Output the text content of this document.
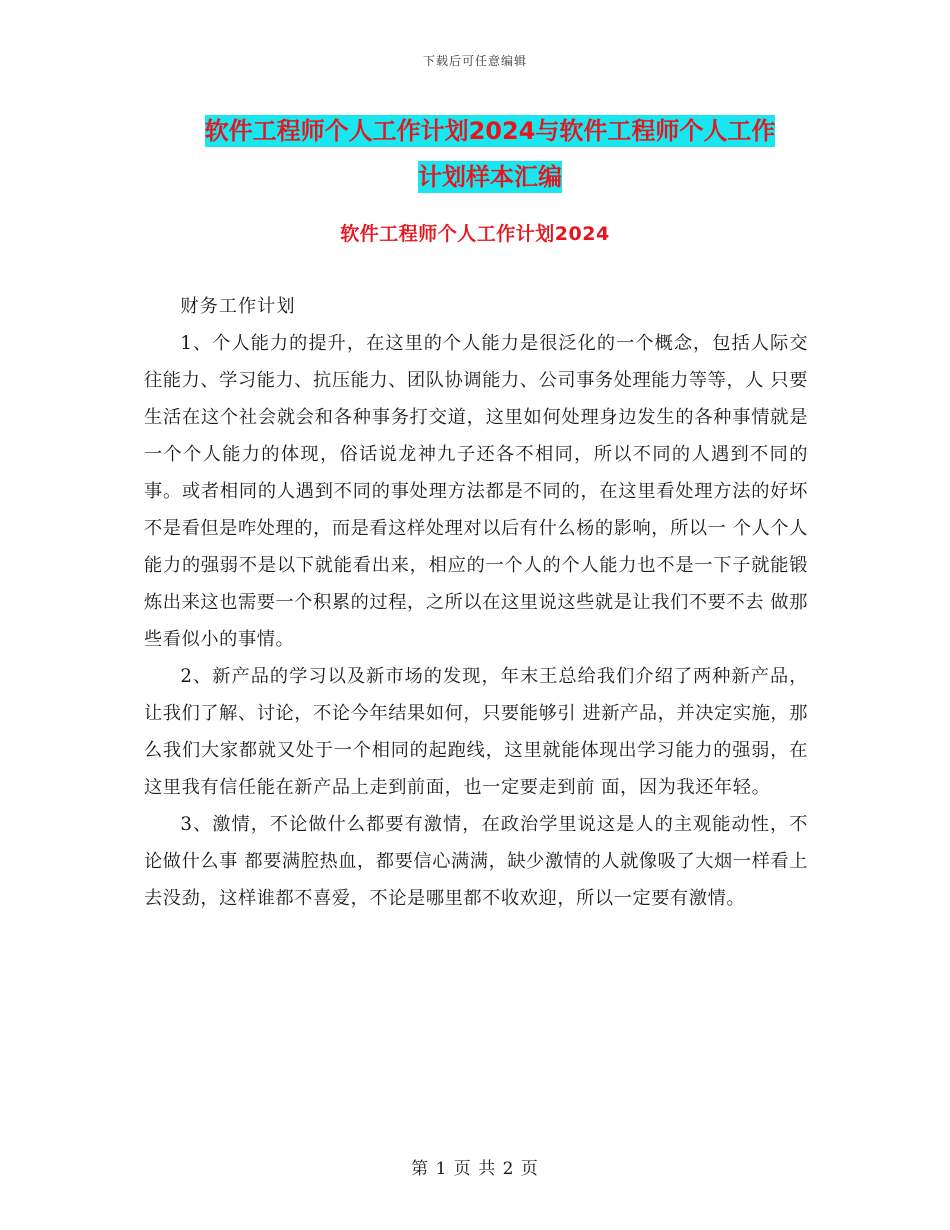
下载后可任意编辑
软件工程师个人工作计划2024与软件工程师个人工作
计划样本汇编
软件工程师个人工作计划2024

财务工作计划

1、个人能力的提升，在这里的个人能力是很泛化的一个概念，包括人际交往能力、学习能力、抗压能力、团队协调能力、公司事务处理能力等等，人 只要生活在这个社会就会和各种事务打交道，这里如何处理身边发生的各种事情就是一个个人能力的体现，俗话说龙神九子还各不相同，所以不同的人遇到不同的 事。或者相同的人遇到不同的事处理方法都是不同的，在这里看处理方法的好坏不是看但是咋处理的，而是看这样处理对以后有什么杨的影响，所以一 个人个人能力的强弱不是以下就能看出来，相应的一个人的个人能力也不是一下子就能锻炼出来这也需要一个积累的过程，之所以在这里说这些就是让我们不要不去 做那些看似小的事情。

2、新产品的学习以及新市场的发现，年末王总给我们介绍了两种新产品，让我们了解、讨论，不论今年结果如何，只要能够引 进新产品，并决定实施，那么我们大家都就又处于一个相同的起跑线，这里就能体现出学习能力的强弱，在这里我有信任能在新产品上走到前面，也一定要走到前 面，因为我还年轻。

3、激情，不论做什么都要有激情，在政治学里说这是人的主观能动性，不论做什么事 都要满腔热血，都要信心满满，缺少激情的人就像吸了大烟一样看上去没劲，这样谁都不喜爱，不论是哪里都不收欢迎，所以一定要有激情。

第 1 页 共 2 页
